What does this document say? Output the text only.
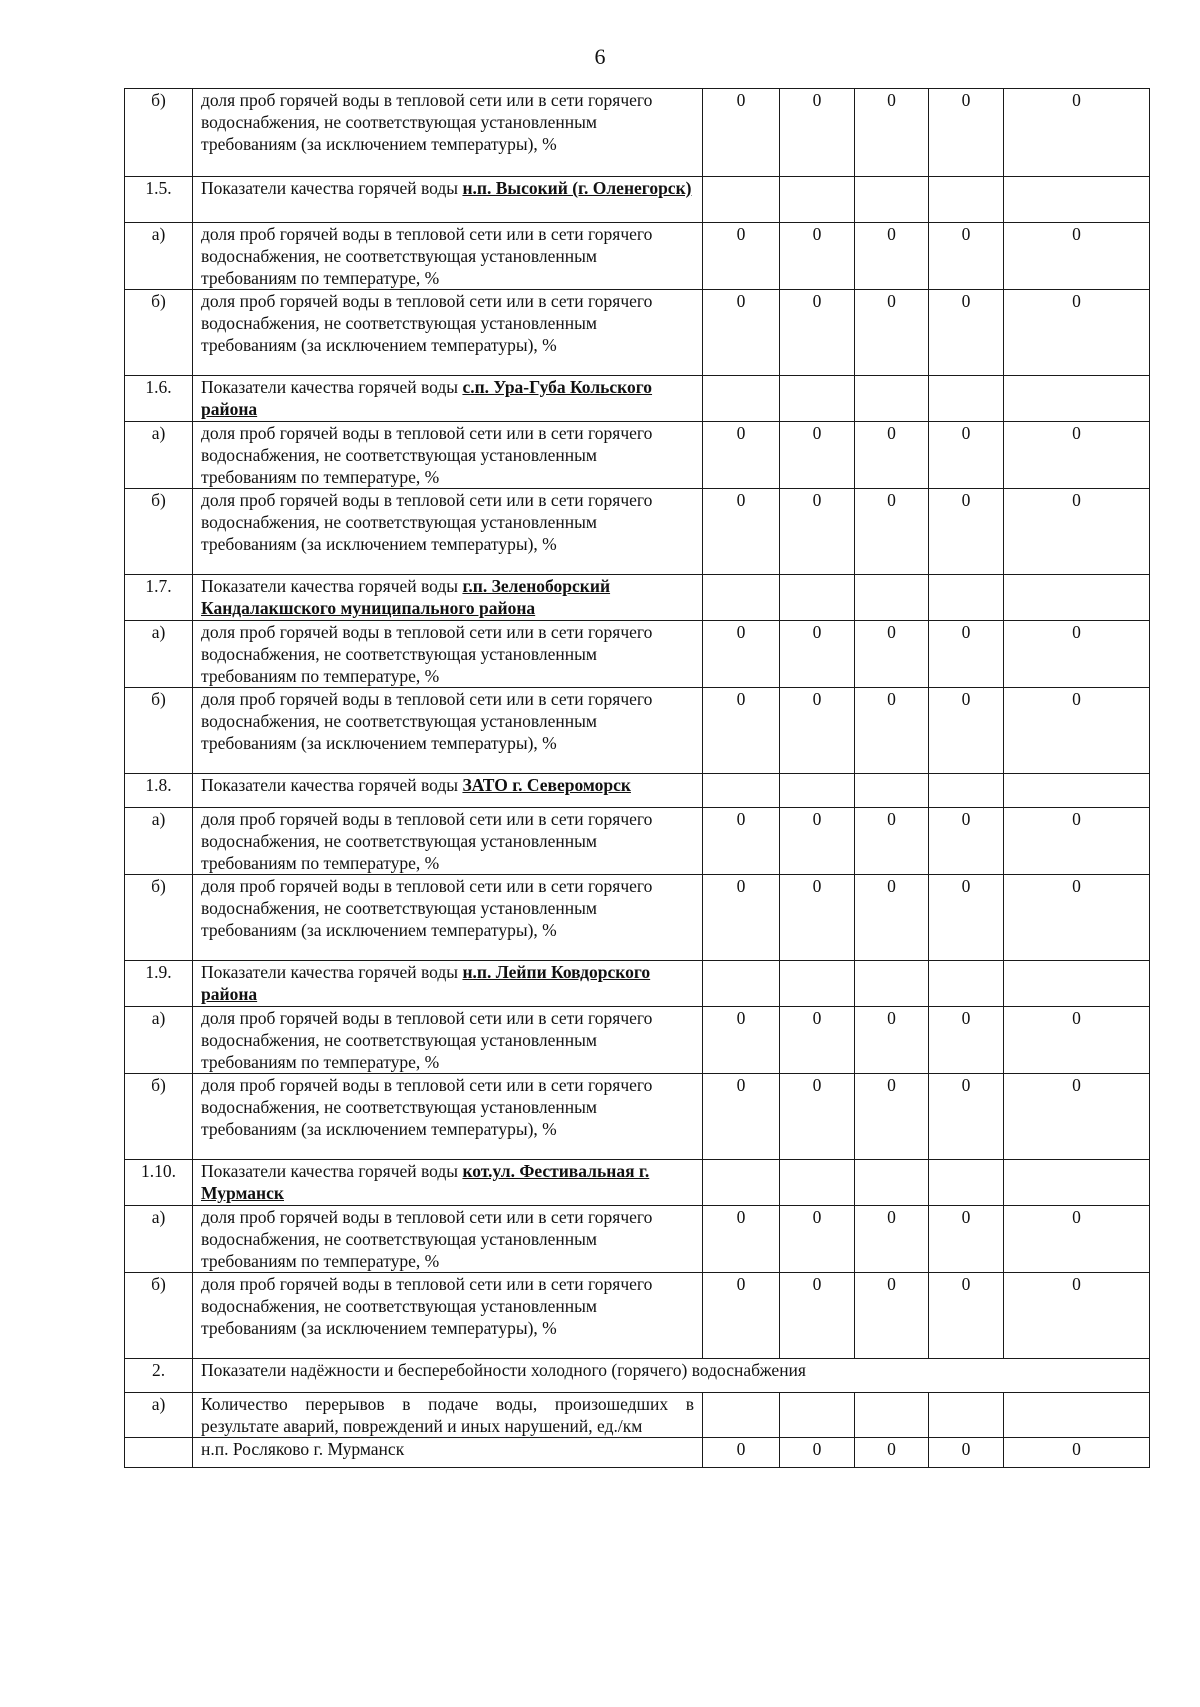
6
б)	доля проб горячей воды в тепловой сети или в сети горячего водоснабжения, не соответствующая установленным требованиям (за исключением температуры), %	0	0	0	0	0
1.5.	Показатели качества горячей воды н.п. Высокий (г. Оленегорск)					
а)	доля проб горячей воды в тепловой сети или в сети горячего водоснабжения, не соответствующая установленным требованиям по температуре, %	0	0	0	0	0
б)	доля проб горячей воды в тепловой сети или в сети горячего водоснабжения, не соответствующая установленным требованиям (за исключением температуры), %	0	0	0	0	0
1.6.	Показатели качества горячей воды с.п. Ура-Губа Кольского района					
а)	доля проб горячей воды в тепловой сети или в сети горячего водоснабжения, не соответствующая установленным требованиям по температуре, %	0	0	0	0	0
б)	доля проб горячей воды в тепловой сети или в сети горячего водоснабжения, не соответствующая установленным требованиям (за исключением температуры), %	0	0	0	0	0
1.7.	Показатели качества горячей воды г.п. Зеленоборский Кандалакшского муниципального района					
а)	доля проб горячей воды в тепловой сети или в сети горячего водоснабжения, не соответствующая установленным требованиям по температуре, %	0	0	0	0	0
б)	доля проб горячей воды в тепловой сети или в сети горячего водоснабжения, не соответствующая установленным требованиям (за исключением температуры), %	0	0	0	0	0
1.8.	Показатели качества горячей воды ЗАТО г. Североморск					
а)	доля проб горячей воды в тепловой сети или в сети горячего водоснабжения, не соответствующая установленным требованиям по температуре, %	0	0	0	0	0
б)	доля проб горячей воды в тепловой сети или в сети горячего водоснабжения, не соответствующая установленным требованиям (за исключением температуры), %	0	0	0	0	0
1.9.	Показатели качества горячей воды н.п. Лейпи Ковдорского района					
а)	доля проб горячей воды в тепловой сети или в сети горячего водоснабжения, не соответствующая установленным требованиям по температуре, %	0	0	0	0	0
б)	доля проб горячей воды в тепловой сети или в сети горячего водоснабжения, не соответствующая установленным требованиям (за исключением температуры), %	0	0	0	0	0
1.10.	Показатели качества горячей воды кот.ул. Фестивальная г. Мурманск					
а)	доля проб горячей воды в тепловой сети или в сети горячего водоснабжения, не соответствующая установленным требованиям по температуре, %	0	0	0	0	0
б)	доля проб горячей воды в тепловой сети или в сети горячего водоснабжения, не соответствующая установленным требованиям (за исключением температуры), %	0	0	0	0	0
2.	Показатели надёжности и бесперебойности холодного (горячего) водоснабжения					
а)	Количество перерывов в подаче воды, произошедших в результате аварий, повреждений и иных нарушений, ед./км					
	н.п. Росляково г. Мурманск	0	0	0	0	0
